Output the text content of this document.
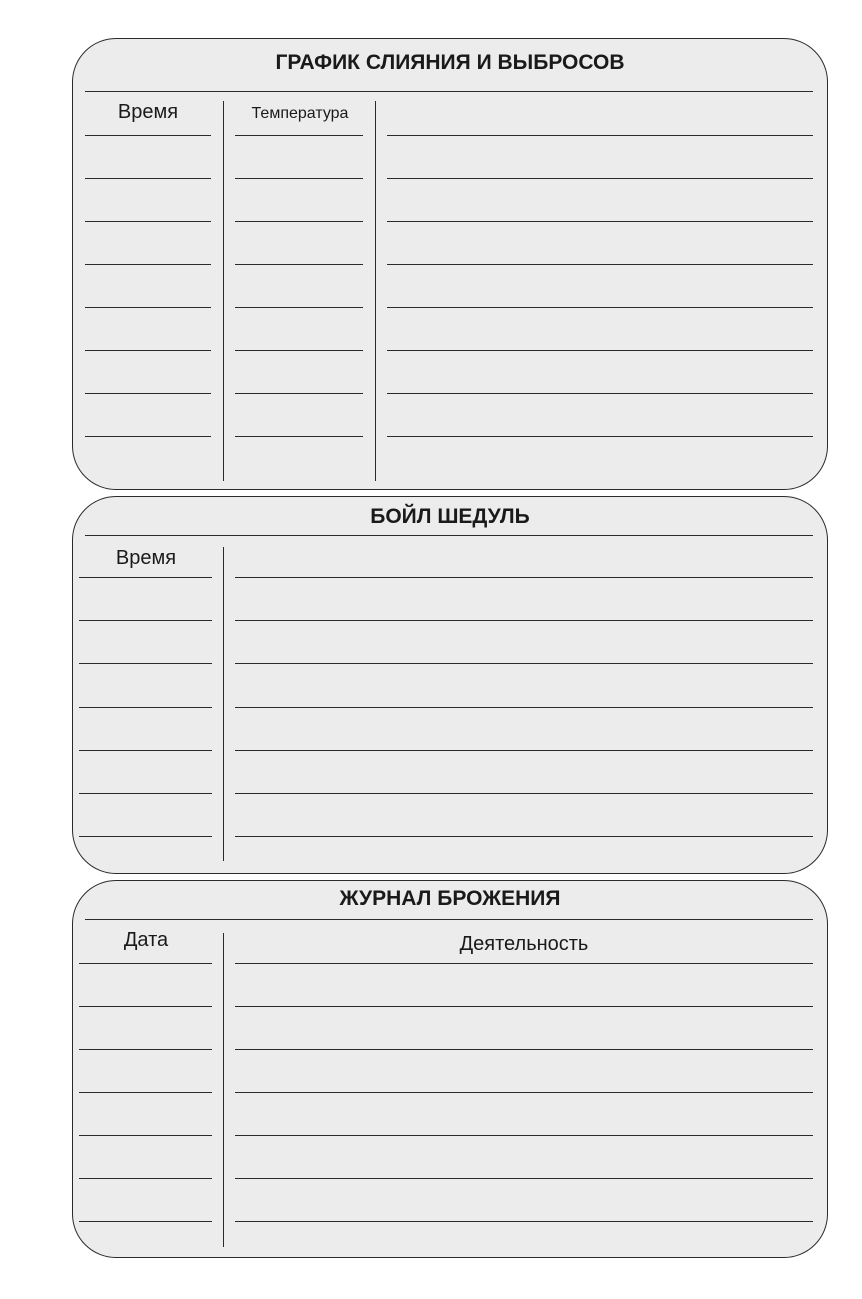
ГРАФИК СЛИЯНИЯ И ВЫБРОСОВ
Время	Температура
БОЙЛ ШЕДУЛЬ
Время
ЖУРНАЛ БРОЖЕНИЯ
Дата	Деятельность
